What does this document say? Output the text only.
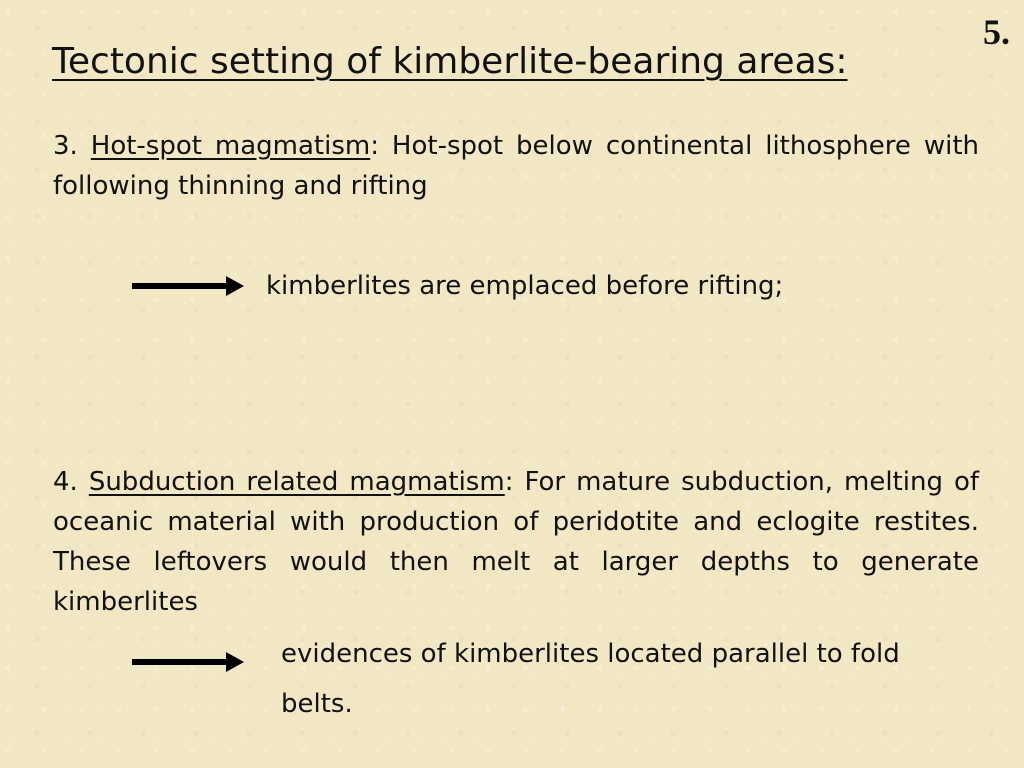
5.
Tectonic setting of kimberlite-bearing areas:

3. Hot-spot magmatism: Hot-spot below continental lithosphere with following thinning and rifting

kimberlites are emplaced before rifting;

4. Subduction related magmatism: For mature subduction, melting of oceanic material with production of peridotite and eclogite restites. These leftovers would then melt at larger depths to generate kimberlites

evidences of kimberlites located parallel to fold
belts.
